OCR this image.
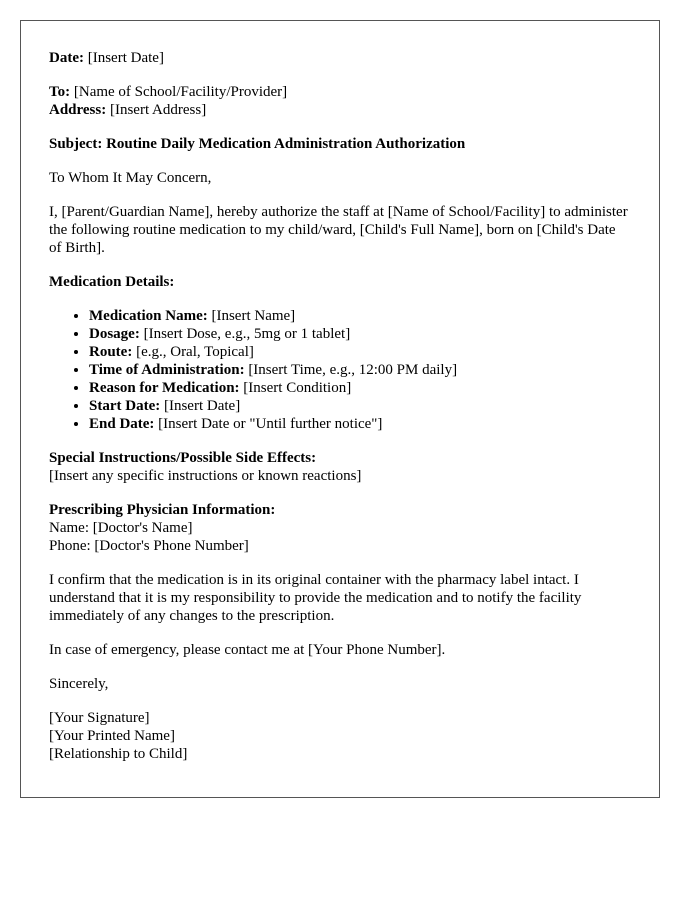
Date: [Insert Date]

To: [Name of School/Facility/Provider]
Address: [Insert Address]

Subject: Routine Daily Medication Administration Authorization

To Whom It May Concern,

I, [Parent/Guardian Name], hereby authorize the staff at [Name of School/Facility] to administer the following routine medication to my child/ward, [Child's Full Name], born on [Child's Date of Birth].

Medication Details:

• Medication Name: [Insert Name]
• Dosage: [Insert Dose, e.g., 5mg or 1 tablet]
• Route: [e.g., Oral, Topical]
• Time of Administration: [Insert Time, e.g., 12:00 PM daily]
• Reason for Medication: [Insert Condition]
• Start Date: [Insert Date]
• End Date: [Insert Date or "Until further notice"]
Special Instructions/Possible Side Effects:
[Insert any specific instructions or known reactions]
Prescribing Physician Information:
Name: [Doctor's Name]
Phone: [Doctor's Phone Number]

I confirm that the medication is in its original container with the pharmacy label intact. I understand that it is my responsibility to provide the medication and to notify the facility immediately of any changes to the prescription.

In case of emergency, please contact me at [Your Phone Number].

Sincerely,

[Your Signature]
[Your Printed Name]
[Relationship to Child]
